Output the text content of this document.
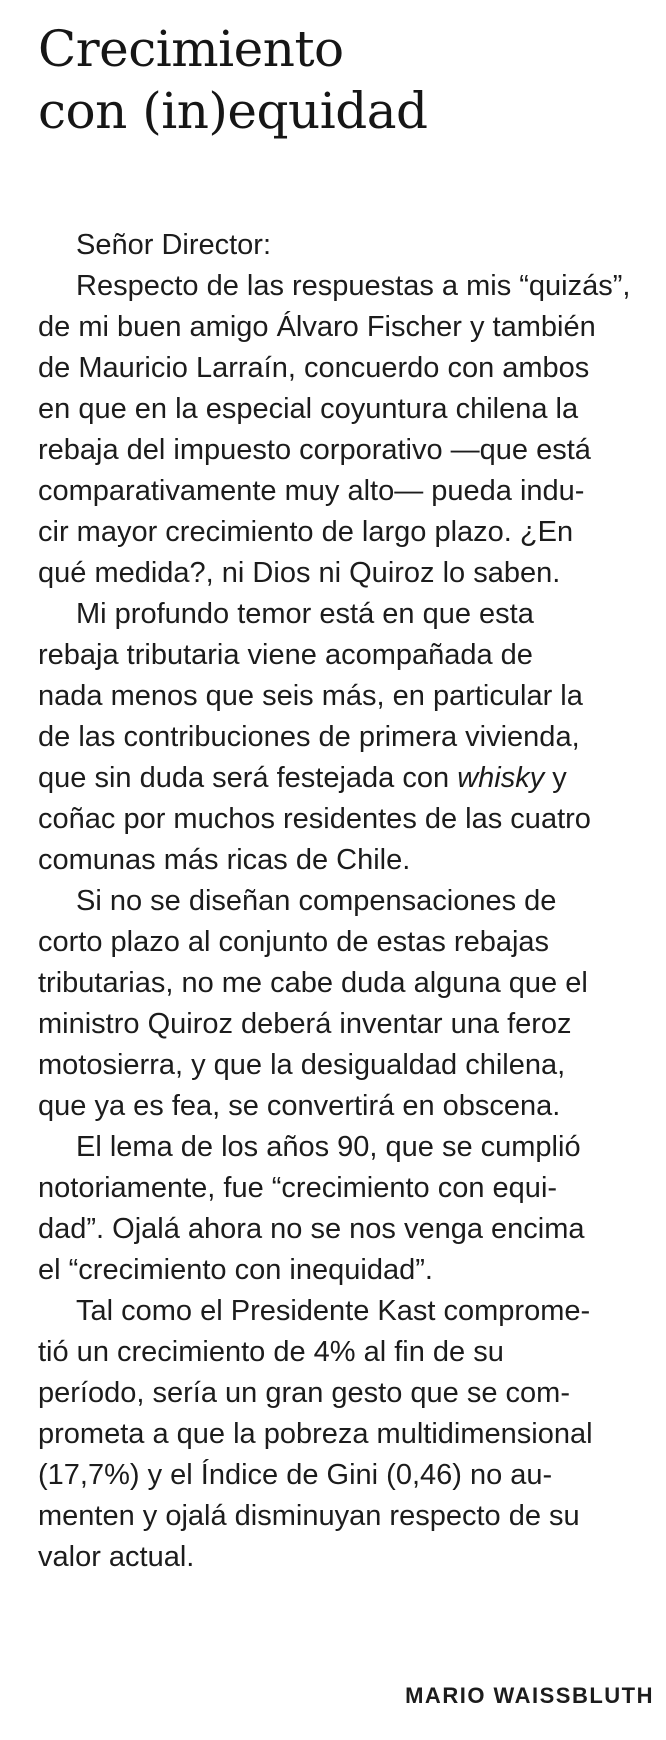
Crecimiento
con (in)equidad
Señor Director:
Respecto de las respuestas a mis “quizás”,
de mi buen amigo Álvaro Fischer y también
de Mauricio Larraín, concuerdo con ambos
en que en la especial coyuntura chilena la
rebaja del impuesto corporativo —que está
comparativamente muy alto— pueda indu-
cir mayor crecimiento de largo plazo. ¿En
qué medida?, ni Dios ni Quiroz lo saben.
Mi profundo temor está en que esta
rebaja tributaria viene acompañada de
nada menos que seis más, en particular la
de las contribuciones de primera vivienda,
que sin duda será festejada con whisky y
coñac por muchos residentes de las cuatro
comunas más ricas de Chile.
Si no se diseñan compensaciones de
corto plazo al conjunto de estas rebajas
tributarias, no me cabe duda alguna que el
ministro Quiroz deberá inventar una feroz
motosierra, y que la desigualdad chilena,
que ya es fea, se convertirá en obscena.
El lema de los años 90, que se cumplió
notoriamente, fue “crecimiento con equi-
dad”. Ojalá ahora no se nos venga encima
el “crecimiento con inequidad”.
Tal como el Presidente Kast comprome-
tió un crecimiento de 4% al fin de su
período, sería un gran gesto que se com-
prometa a que la pobreza multidimensional
(17,7%) y el Índice de Gini (0,46) no au-
menten y ojalá disminuyan respecto de su
valor actual.
MARIO WAISSBLUTH
